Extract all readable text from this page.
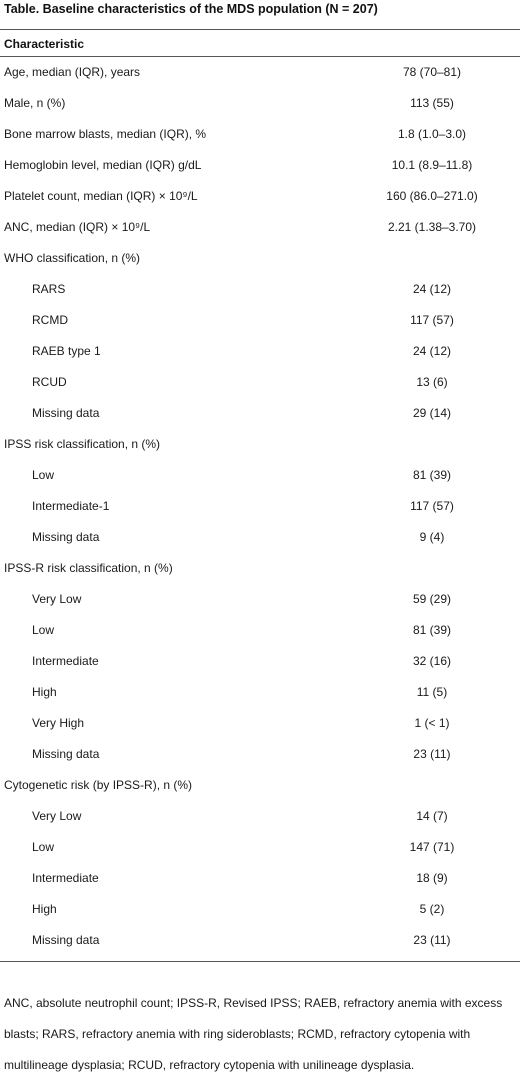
Table. Baseline characteristics of the MDS population (N = 207)
Characteristic
Age, median (IQR), years	78 (70–81)
Male, n (%)	113 (55)
Bone marrow blasts, median (IQR), %	1.8 (1.0–3.0)
Hemoglobin level, median (IQR) g/dL	10.1 (8.9–11.8)
Platelet count, median (IQR) × 10⁹/L	160 (86.0–271.0)
ANC, median (IQR) × 10⁹/L	2.21 (1.38–3.70)
WHO classification, n (%)
RARS	24 (12)
RCMD	117 (57)
RAEB type 1	24 (12)
RCUD	13 (6)
Missing data	29 (14)
IPSS risk classification, n (%)
Low	81 (39)
Intermediate-1	117 (57)
Missing data	9 (4)
IPSS-R risk classification, n (%)
Very Low	59 (29)
Low	81 (39)
Intermediate	32 (16)
High	11 (5)
Very High	1 (< 1)
Missing data	23 (11)
Cytogenetic risk (by IPSS-R), n (%)
Very Low	14 (7)
Low	147 (71)
Intermediate	18 (9)
High	5 (2)
Missing data	23 (11)
ANC, absolute neutrophil count; IPSS-R, Revised IPSS; RAEB, refractory anemia with excess blasts; RARS, refractory anemia with ring sideroblasts; RCMD, refractory cytopenia with multilineage dysplasia; RCUD, refractory cytopenia with unilineage dysplasia.
